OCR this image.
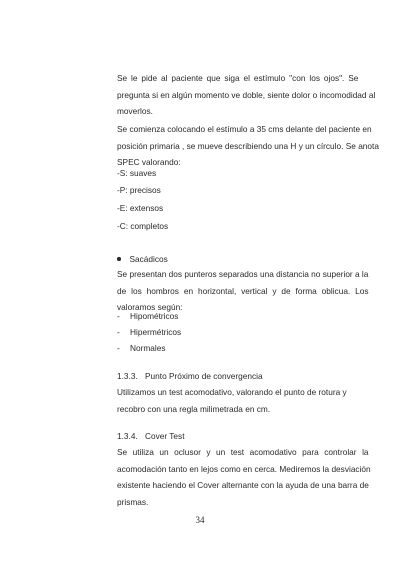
Se le pide al paciente que siga el estímulo "con los ojos". Se
pregunta si en algún momento ve doble, siente dolor o incomodidad al
moverlos.
Se comienza colocando el estímulo a 35 cms delante del paciente en
posición primaria , se mueve describiendo una H y un círculo. Se anota
SPEC valorando:
-S: suaves
-P: precisos
-E: extensos
-C: completos
Sacádicos
Se presentan dos punteros separados una distancia no superior a la
de los hombros en horizontal, vertical y de forma oblicua. Los
valoramos según:
- Hipométricos
- Hipermétricos
- Normales
1.3.3. Punto Próximo de convergencia
Utilizamos un test acomodativo, valorando el punto de rotura y
recobro con una regla milimetrada en cm.
1.3.4. Cover Test
Se utiliza un oclusor y un test acomodativo para controlar la
acomodación tanto en lejos como en cerca. Mediremos la desviación
existente haciendo el Cover alternante con la ayuda de una barra de
prismas.
34
